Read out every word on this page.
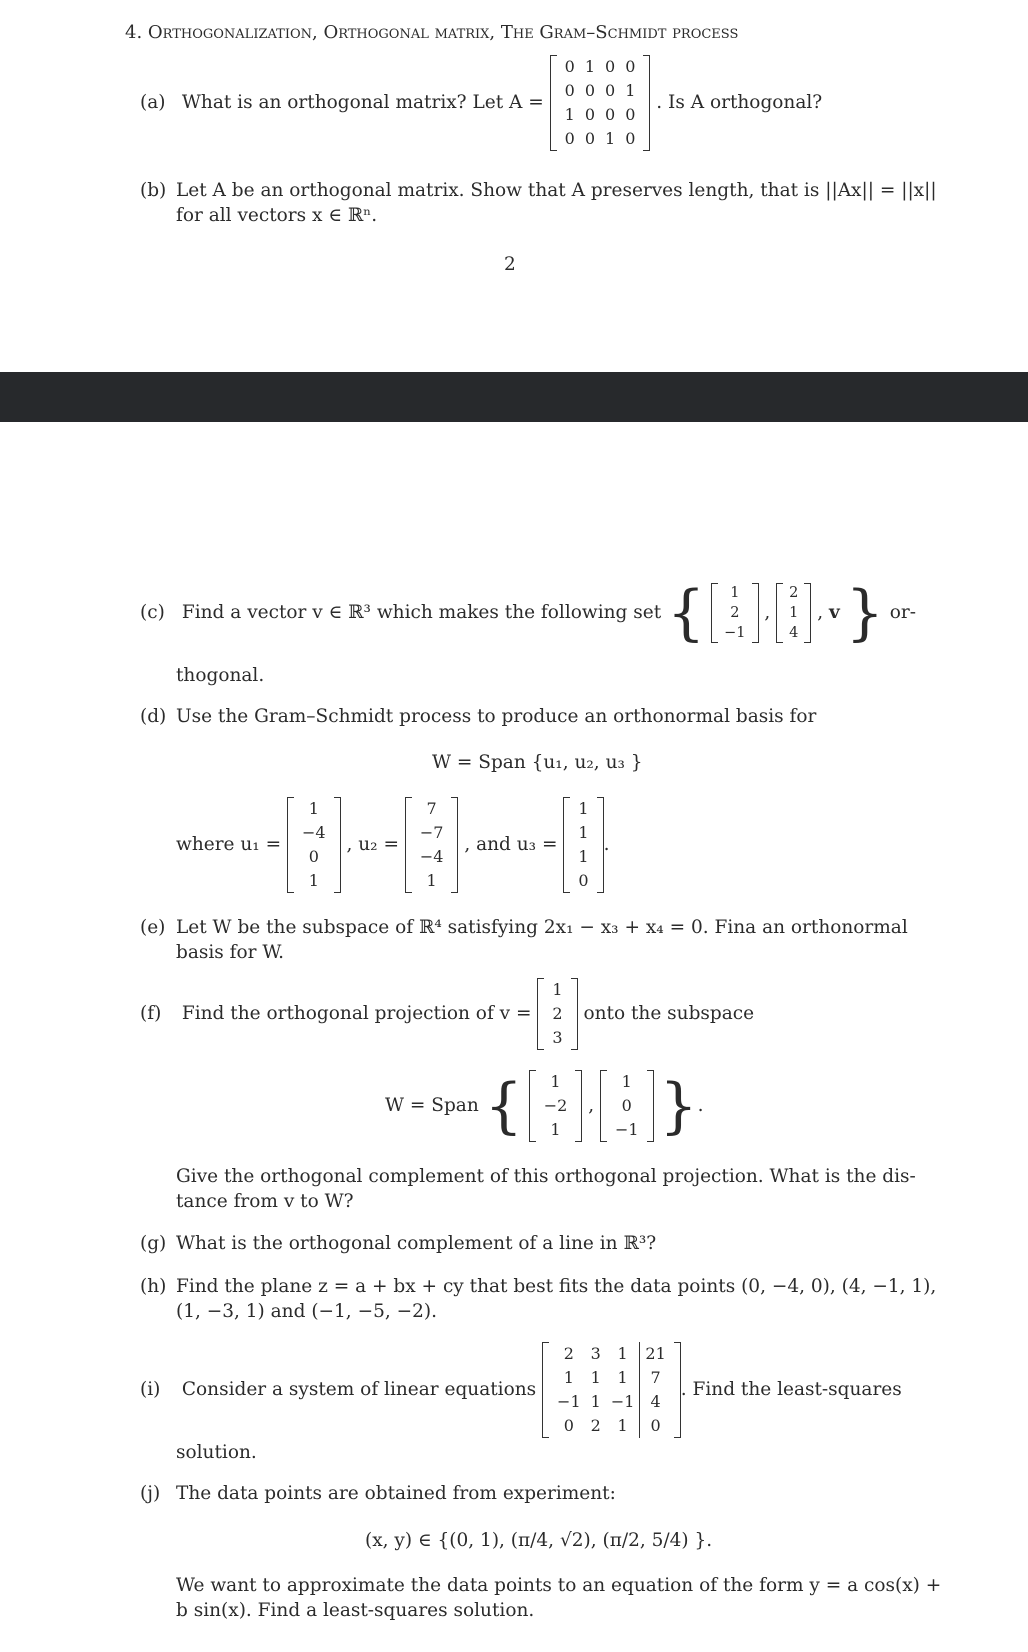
4. Orthogonalization, Orthogonal matrix, The Gram–Schmidt process
(a) What is an orthogonal matrix? Let A =
0	1	0	0
0	0	0	1
1	0	0	0
0	0	1	0
. Is A orthogonal?
(b) Let A be an orthogonal matrix. Show that A preserves length, that is ||Ax|| = ||x||
for all vectors x ∈ ℝⁿ.
2
(c) Find a vector v ∈ ℝ³ which makes the following set { 1
2
−1
,
2
1
4
, v } or-
thogonal.
(d) Use the Gram–Schmidt process to produce an orthonormal basis for
W = Span {u₁, u₂, u₃ }
where u₁ =
1
−4
0
1
, u₂ =
7
−7
−4
1
, and u₃ =
1
1
1
0
.
(e) Let W be the subspace of ℝ⁴ satisfying 2x₁ − x₃ + x₄ = 0. Fina an orthonormal
basis for W.
(f) Find the orthogonal projection of v =
1
2
3
onto the subspace
W = Span { 1
−2
1
,
1
0
−1 }.
Give the orthogonal complement of this orthogonal projection. What is the dis-
tance from v to W?
(g) What is the orthogonal complement of a line in ℝ³?
(h) Find the plane z = a + bx + cy that best fits the data points (0, −4, 0), (4, −1, 1),
(1, −3, 1) and (−1, −5, −2).
(i) Consider a system of linear equations
2	3	1	21
1	1	1	7
−1	1	−1	4
0	2	1	0
. Find the least-squares
solution.
(j) The data points are obtained from experiment:
(x, y) ∈ {(0, 1), (π/4, √2), (π/2, 5/4) }.
We want to approximate the data points to an equation of the form y = a cos(x) +
b sin(x). Find a least-squares solution.
